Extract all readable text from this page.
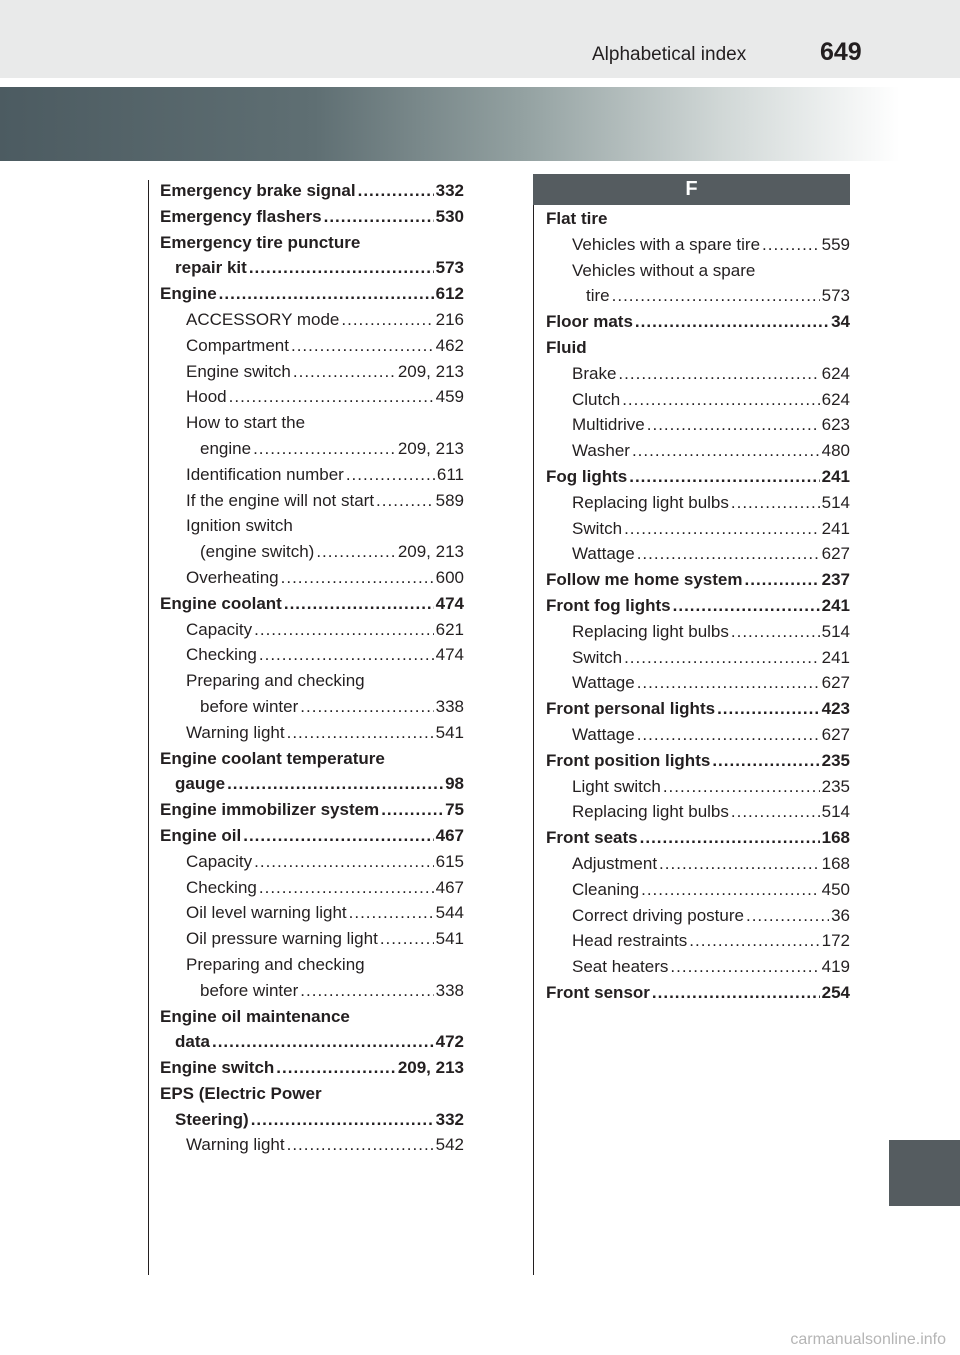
Alphabetical index	649
F
Emergency brake signal .....	332
Emergency flashers .....	530
Emergency tire puncture
repair kit .....	573
Engine .....	612
ACCESSORY mode .....	216
Compartment .....	462
Engine switch .....	209, 213
Hood .....	459
How to start the
engine .....	209, 213
Identification number .....	611
If the engine will not start .....	589
Ignition switch
(engine switch) .....	209, 213
Overheating .....	600
Engine coolant .....	474
Capacity .....	621
Checking .....	474
Preparing and checking
before winter .....	338
Warning light .....	541
Engine coolant temperature
gauge .....	98
Engine immobilizer system .....	75
Engine oil .....	467
Capacity .....	615
Checking .....	467
Oil level warning light .....	544
Oil pressure warning light .....	541
Preparing and checking
before winter .....	338
Engine oil maintenance
data .....	472
Engine switch .....	209, 213
EPS (Electric Power
Steering) .....	332
Warning light .....	542
Flat tire
Vehicles with a spare tire .....	559
Vehicles without a spare
tire .....	573
Floor mats .....	34
Fluid
Brake .....	624
Clutch .....	624
Multidrive .....	623
Washer .....	480
Fog lights .....	241
Replacing light bulbs .....	514
Switch .....	241
Wattage .....	627
Follow me home system .....	237
Front fog lights .....	241
Replacing light bulbs .....	514
Switch .....	241
Wattage .....	627
Front personal lights .....	423
Wattage .....	627
Front position lights .....	235
Light switch .....	235
Replacing light bulbs .....	514
Front seats .....	168
Adjustment .....	168
Cleaning .....	450
Correct driving posture .....	36
Head restraints .....	172
Seat heaters .....	419
Front sensor .....	254
carmanualsonline.info
